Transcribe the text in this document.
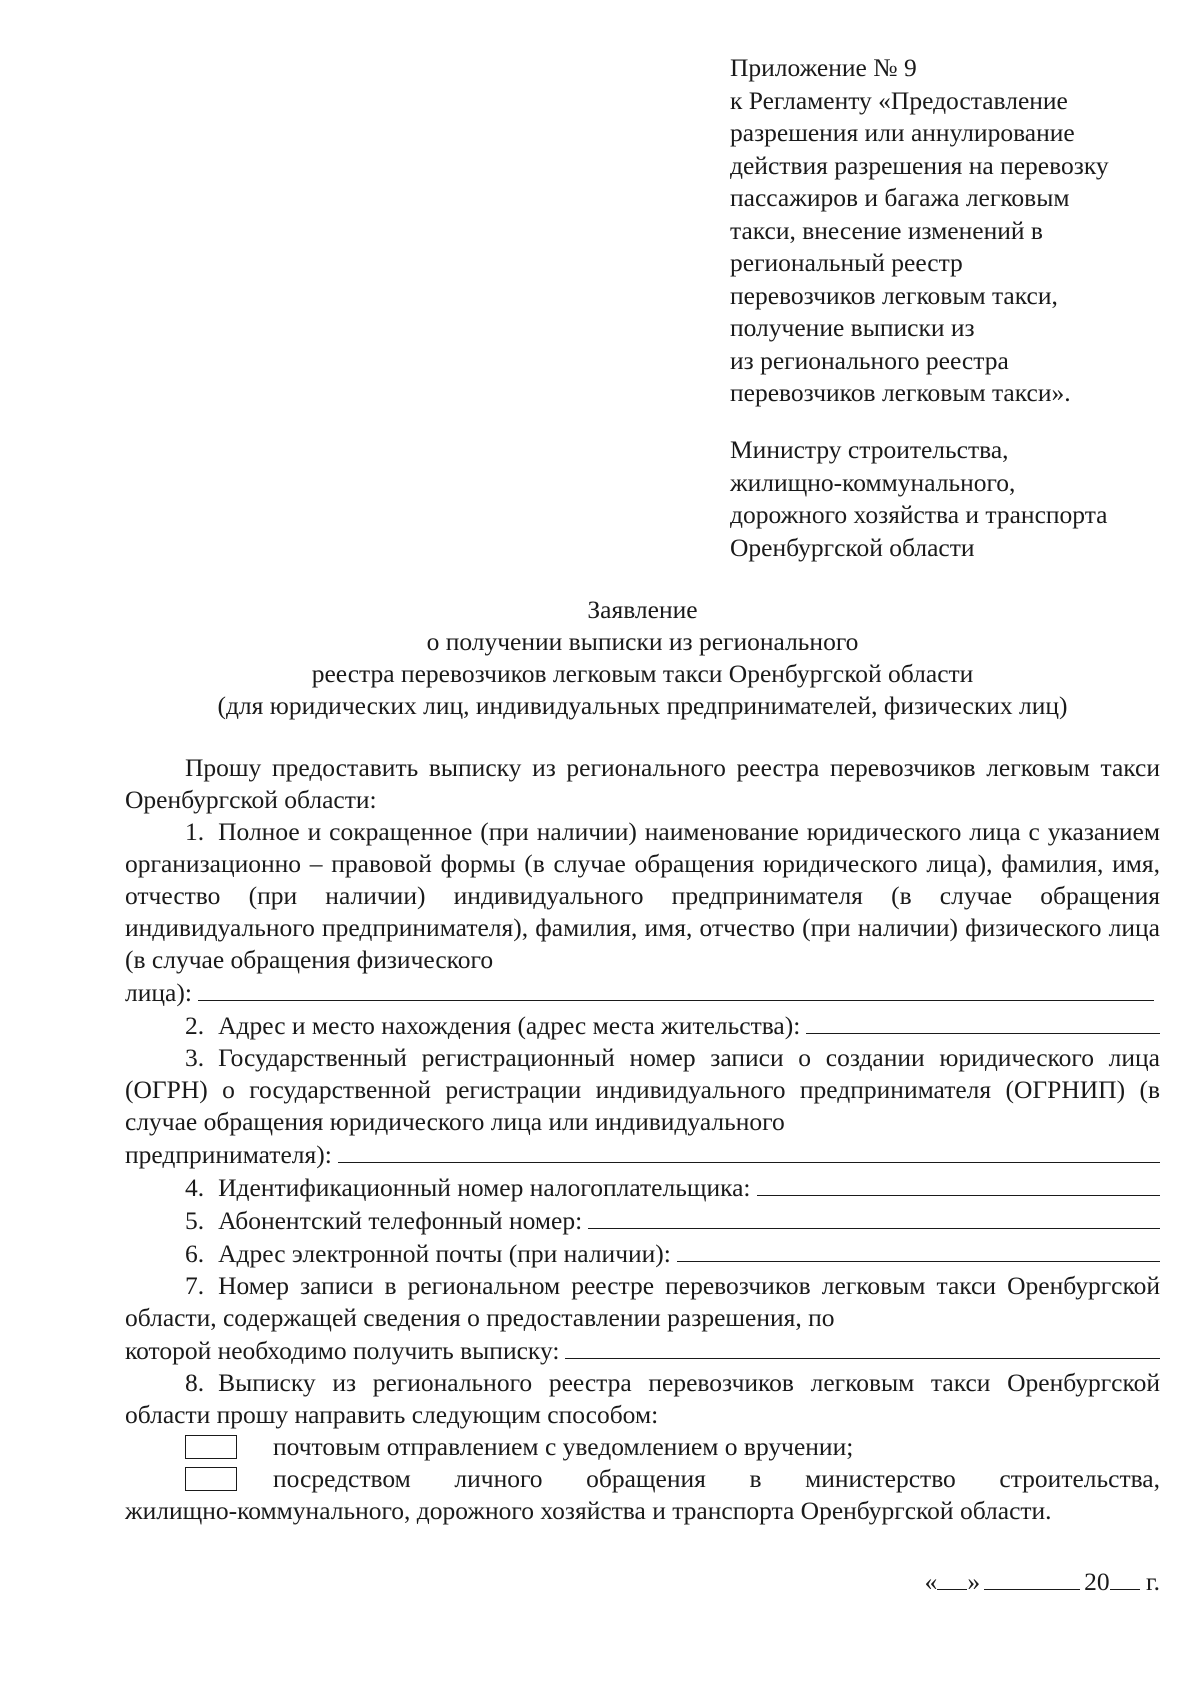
Приложение № 9
к Регламенту «Предоставление
разрешения или аннулирование
действия разрешения на перевозку
пассажиров и багажа легковым
такси, внесение изменений в
региональный реестр
перевозчиков легковым такси,
получение выписки из
из регионального реестра
перевозчиков легковым такси».
Министру строительства,
жилищно-коммунального,
дорожного хозяйства и транспорта
Оренбургской области
Заявление
о получении выписки из регионального
реестра перевозчиков легковым такси Оренбургской области
(для юридических лиц, индивидуальных предпринимателей, физических лиц)
Прошу предоставить выписку из регионального реестра перевозчиков легковым такси Оренбургской области:
1. Полное и сокращенное (при наличии) наименование юридического лица с указанием организационно – правовой формы (в случае обращения юридического лица), фамилия, имя, отчество (при наличии) индивидуального предпринимателя (в случае обращения индивидуального предпринимателя), фамилия, имя, отчество (при наличии) физического лица (в случае обращения физического
лица):
2. Адрес и место нахождения (адрес места жительства):
3. Государственный регистрационный номер записи о создании юридического лица (ОГРН) о государственной регистрации индивидуального предпринимателя (ОГРНИП) (в случае обращения юридического лица или индивидуального
предпринимателя):
4. Идентификационный номер налогоплательщика:
5. Абонентский телефонный номер:
6. Адрес электронной почты (при наличии):
7. Номер записи в региональном реестре перевозчиков легковым такси Оренбургской области, содержащей сведения о предоставлении разрешения, по
которой необходимо получить выписку:
8. Выписку из регионального реестра перевозчиков легковым такси Оренбургской области прошу направить следующим способом:
почтовым отправлением с уведомлением о вручении;
посредством личного обращения в министерство строительства,
жилищно-коммунального, дорожного хозяйства и транспорта Оренбургской области.
« »	20 г.
